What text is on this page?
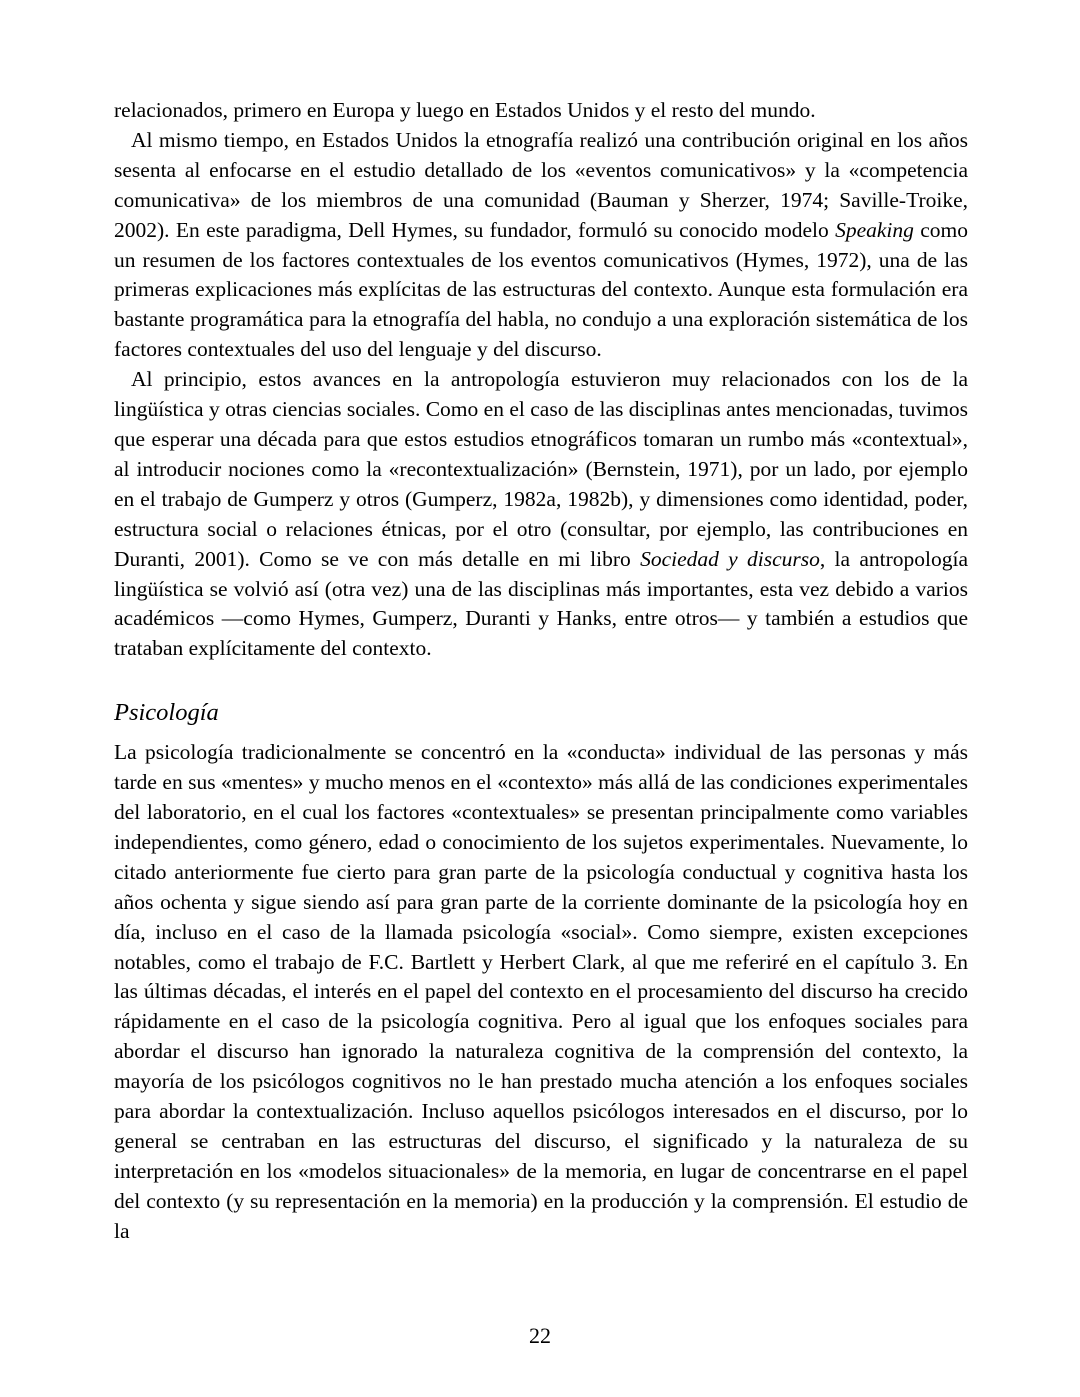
relacionados, primero en Europa y luego en Estados Unidos y el resto del mundo.

Al mismo tiempo, en Estados Unidos la etnografía realizó una contribución original en los años sesenta al enfocarse en el estudio detallado de los «eventos comunicativos» y la «competencia comunicativa» de los miembros de una comunidad (Bauman y Sherzer, 1974; Saville-Troike, 2002). En este paradigma, Dell Hymes, su fundador, formuló su conocido modelo Speaking como un resumen de los factores contextuales de los eventos comunicativos (Hymes, 1972), una de las primeras explicaciones más explícitas de las estructuras del contexto. Aunque esta formulación era bastante programática para la etnografía del habla, no condujo a una exploración sistemática de los factores contextuales del uso del lenguaje y del discurso.

Al principio, estos avances en la antropología estuvieron muy relacionados con los de la lingüística y otras ciencias sociales. Como en el caso de las disciplinas antes mencionadas, tuvimos que esperar una década para que estos estudios etnográficos tomaran un rumbo más «contextual», al introducir nociones como la «recontextualización» (Bernstein, 1971), por un lado, por ejemplo en el trabajo de Gumperz y otros (Gumperz, 1982a, 1982b), y dimensiones como identidad, poder, estructura social o relaciones étnicas, por el otro (consultar, por ejemplo, las contribuciones en Duranti, 2001). Como se ve con más detalle en mi libro Sociedad y discurso, la antropología lingüística se volvió así (otra vez) una de las disciplinas más importantes, esta vez debido a varios académicos —como Hymes, Gumperz, Duranti y Hanks, entre otros— y también a estudios que trataban explícitamente del contexto.

Psicología

La psicología tradicionalmente se concentró en la «conducta» individual de las personas y más tarde en sus «mentes» y mucho menos en el «contexto» más allá de las condiciones experimentales del laboratorio, en el cual los factores «contextuales» se presentan principalmente como variables independientes, como género, edad o conocimiento de los sujetos experimentales. Nuevamente, lo citado anteriormente fue cierto para gran parte de la psicología conductual y cognitiva hasta los años ochenta y sigue siendo así para gran parte de la corriente dominante de la psicología hoy en día, incluso en el caso de la llamada psicología «social». Como siempre, existen excepciones notables, como el trabajo de F.C. Bartlett y Herbert Clark, al que me referiré en el capítulo 3. En las últimas décadas, el interés en el papel del contexto en el procesamiento del discurso ha crecido rápidamente en el caso de la psicología cognitiva. Pero al igual que los enfoques sociales para abordar el discurso han ignorado la naturaleza cognitiva de la comprensión del contexto, la mayoría de los psicólogos cognitivos no le han prestado mucha atención a los enfoques sociales para abordar la contextualización. Incluso aquellos psicólogos interesados en el discurso, por lo general se centraban en las estructuras del discurso, el significado y la naturaleza de su interpretación en los «modelos situacionales» de la memoria, en lugar de concentrarse en el papel del contexto (y su representación en la memoria) en la producción y la comprensión. El estudio de la

22
